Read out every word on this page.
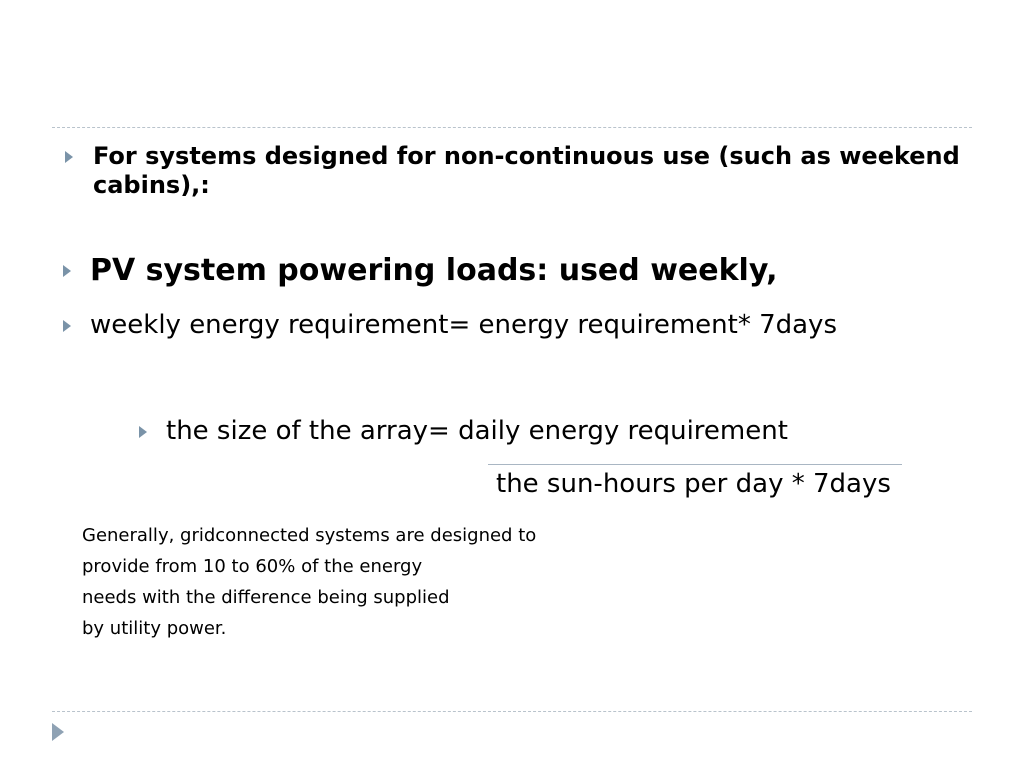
For systems designed for non-continuous use (such as weekend cabins),:

PV system powering loads: used weekly,

weekly energy requirement= energy requirement* 7days

the size of the array= daily energy requirement

the sun-hours per day * 7days

Generally, gridconnected systems are designed to
provide from 10 to 60% of the energy
needs with the difference being supplied
by utility power.
